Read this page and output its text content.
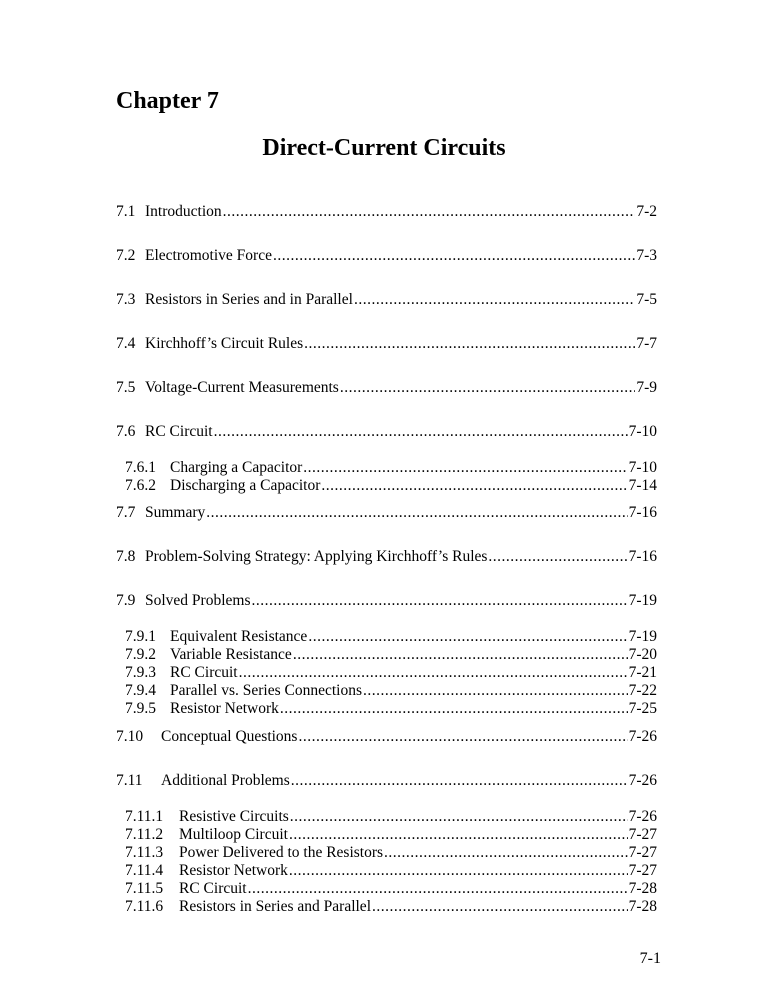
Chapter 7
Direct-Current Circuits
7.1 Introduction .....	7-2
7.2 Electromotive Force .....	7-3
7.3 Resistors in Series and in Parallel .....	7-5
7.4 Kirchhoff’s Circuit Rules .....	7-7
7.5 Voltage-Current Measurements .....	7-9
7.6 RC Circuit .....	7-10
7.6.1 Charging a Capacitor .....	7-10
7.6.2 Discharging a Capacitor .....	7-14
7.7 Summary .....	7-16
7.8 Problem-Solving Strategy: Applying Kirchhoff’s Rules .....	7-16
7.9 Solved Problems .....	7-19
7.9.1 Equivalent Resistance .....	7-19
7.9.2 Variable Resistance .....	7-20
7.9.3 RC Circuit .....	7-21
7.9.4 Parallel vs. Series Connections .....	7-22
7.9.5 Resistor Network .....	7-25
7.10	Conceptual Questions .....	7-26
7.11	Additional Problems .....	7-26
7.11.1	Resistive Circuits .....	7-26
7.11.2	Multiloop Circuit .....	7-27
7.11.3	Power Delivered to the Resistors .....	7-27
7.11.4	Resistor Network .....	7-27
7.11.5	RC Circuit .....	7-28
7.11.6	Resistors in Series and Parallel .....	7-28
7-1
